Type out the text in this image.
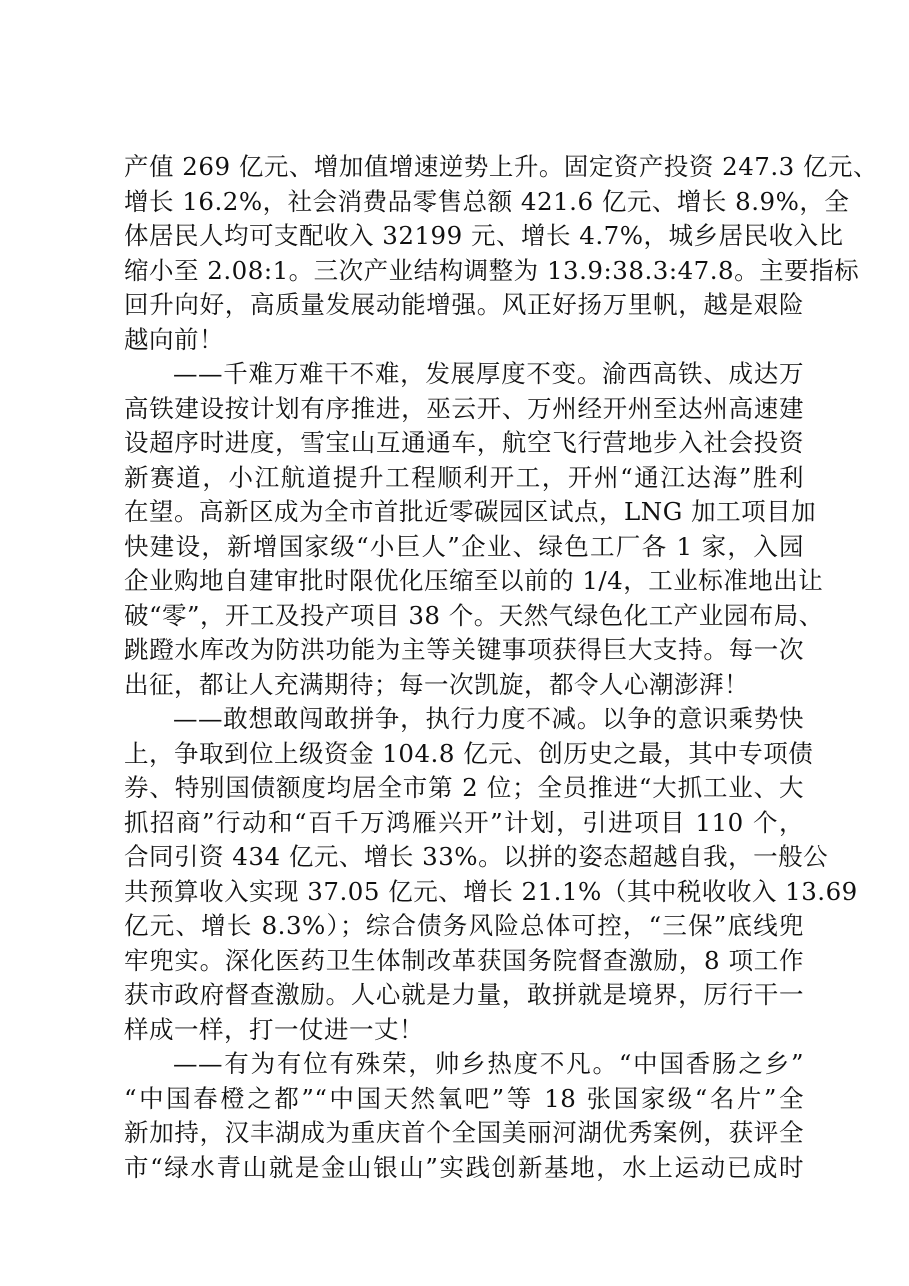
产值 269 亿元、增加值增速逆势上升。固定资产投资 247.3 亿元、
增长 16.2%，社会消费品零售总额 421.6 亿元、增长 8.9%，全
体居民人均可支配收入 32199 元、增长 4.7%，城乡居民收入比
缩小至 2.08:1。三次产业结构调整为 13.9:38.3:47.8。主要指标
回升向好，高质量发展动能增强。风正好扬万里帆，越是艰险
越向前！
——千难万难干不难，发展厚度不变。渝西高铁、成达万
高铁建设按计划有序推进，巫云开、万州经开州至达州高速建
设超序时进度，雪宝山互通通车，航空飞行营地步入社会投资
新赛道，小江航道提升工程顺利开工，开州“通江达海”胜利
在望。高新区成为全市首批近零碳园区试点，LNG 加工项目加
快建设，新增国家级“小巨人”企业、绿色工厂各 1 家，入园
企业购地自建审批时限优化压缩至以前的 1/4，工业标准地出让
破“零”，开工及投产项目 38 个。天然气绿色化工产业园布局、
跳蹬水库改为防洪功能为主等关键事项获得巨大支持。每一次
出征，都让人充满期待；每一次凯旋，都令人心潮澎湃！
——敢想敢闯敢拼争，执行力度不减。以争的意识乘势快
上，争取到位上级资金 104.8 亿元、创历史之最，其中专项债
券、特别国债额度均居全市第 2 位；全员推进“大抓工业、大
抓招商”行动和“百千万鸿雁兴开”计划，引进项目 110 个，
合同引资 434 亿元、增长 33%。以拼的姿态超越自我，一般公
共预算收入实现 37.05 亿元、增长 21.1%（其中税收收入 13.69
亿元、增长 8.3%）；综合债务风险总体可控，“三保”底线兜
牢兜实。深化医药卫生体制改革获国务院督查激励，8 项工作
获市政府督查激励。人心就是力量，敢拼就是境界，厉行干一
样成一样，打一仗进一丈！
——有为有位有殊荣，帅乡热度不凡。“中国香肠之乡”
“中国春橙之都”“中国天然氧吧”等 18 张国家级“名片”全
新加持，汉丰湖成为重庆首个全国美丽河湖优秀案例，获评全
市“绿水青山就是金山银山”实践创新基地，水上运动已成时
